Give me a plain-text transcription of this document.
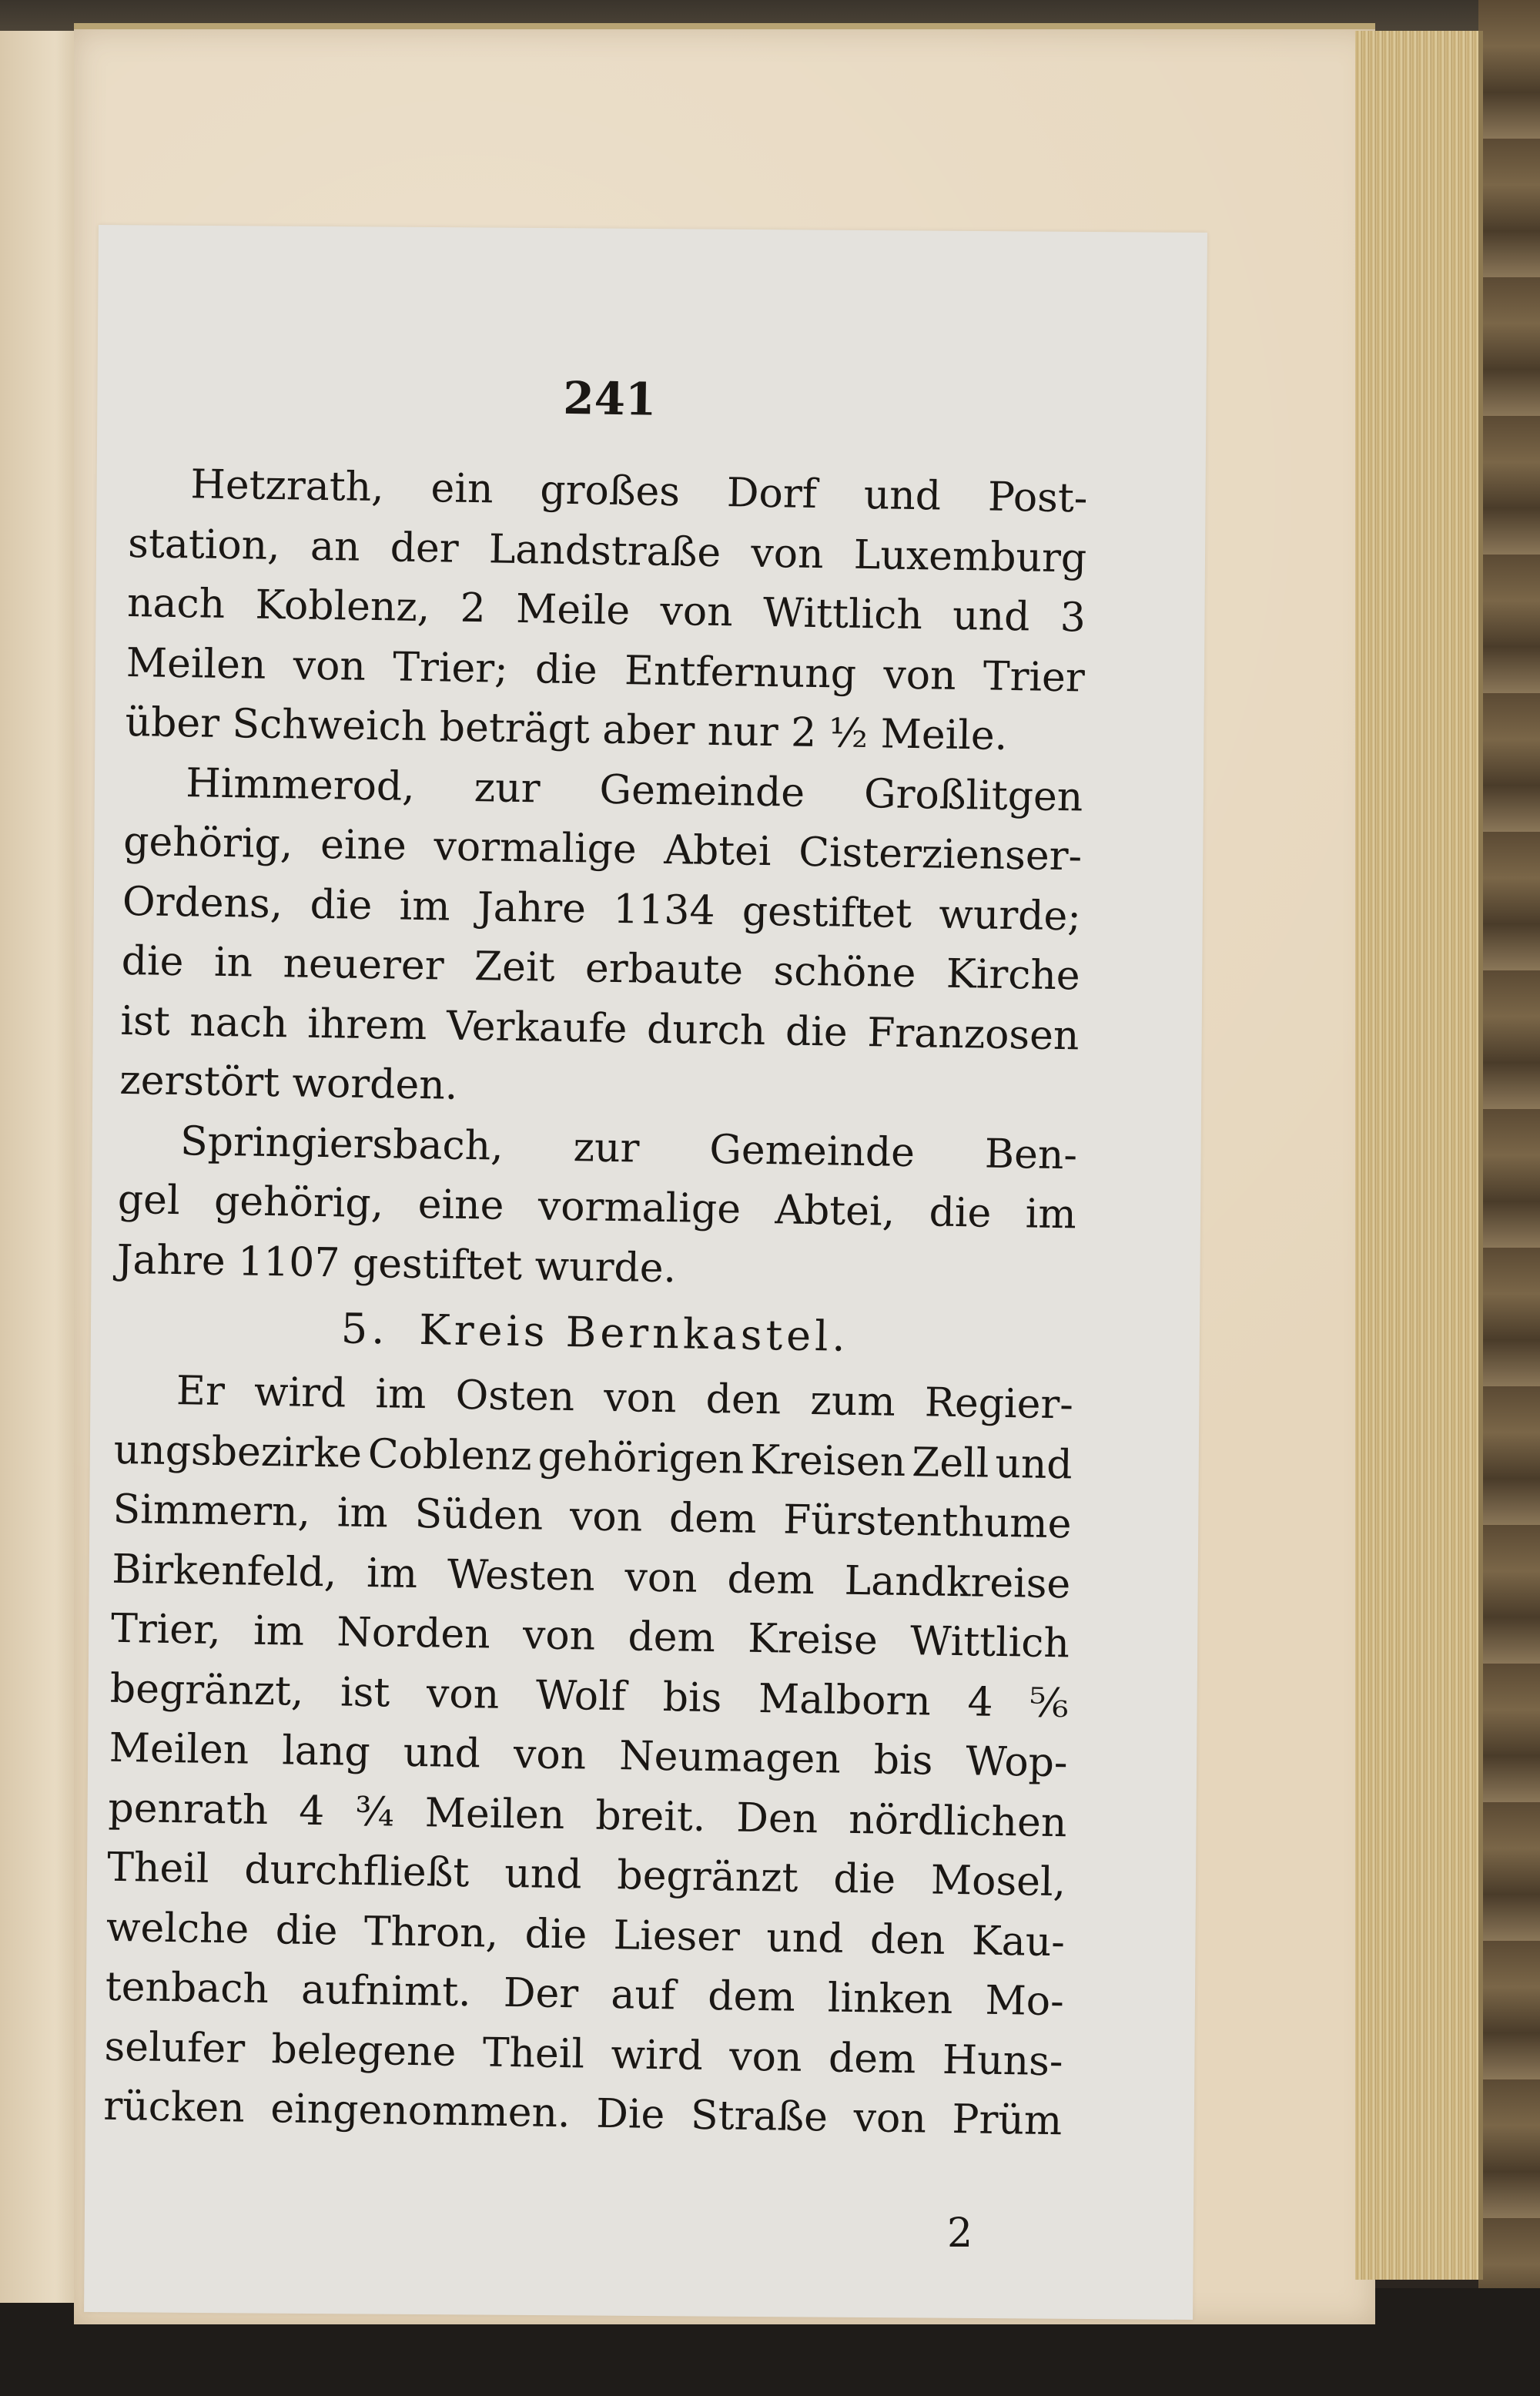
241
Hetzrath, ein großes Dorf und Post-
station, an der Landstraße von Luxemburg
nach Koblenz, 2 Meile von Wittlich und 3
Meilen von Trier; die Entfernung von Trier
über Schweich beträgt aber nur 2 ½ Meile.
Himmerod, zur Gemeinde Großlitgen
gehörig, eine vormalige Abtei Cisterzienser-
Ordens, die im Jahre 1134 gestiftet wurde;
die in neuerer Zeit erbaute schöne Kirche
ist nach ihrem Verkaufe durch die Franzosen
zerstört worden.
Springiersbach, zur Gemeinde Ben-
gel gehörig, eine vormalige Abtei, die im
Jahre 1107 gestiftet wurde.
5. Kreis Bernkastel.
Er wird im Osten von den zum Regier-
ungsbezirke Coblenz gehörigen Kreisen Zell und
Simmern, im Süden von dem Fürstenthume
Birkenfeld, im Westen von dem Landkreise
Trier, im Norden von dem Kreise Wittlich
begränzt, ist von Wolf bis Malborn 4 ⅚
Meilen lang und von Neumagen bis Wop-
penrath 4 ¾ Meilen breit. Den nördlichen
Theil durchfließt und begränzt die Mosel,
welche die Thron, die Lieser und den Kau-
tenbach aufnimt. Der auf dem linken Mo-
selufer belegene Theil wird von dem Huns-
rücken eingenommen. Die Straße von Prüm
2
